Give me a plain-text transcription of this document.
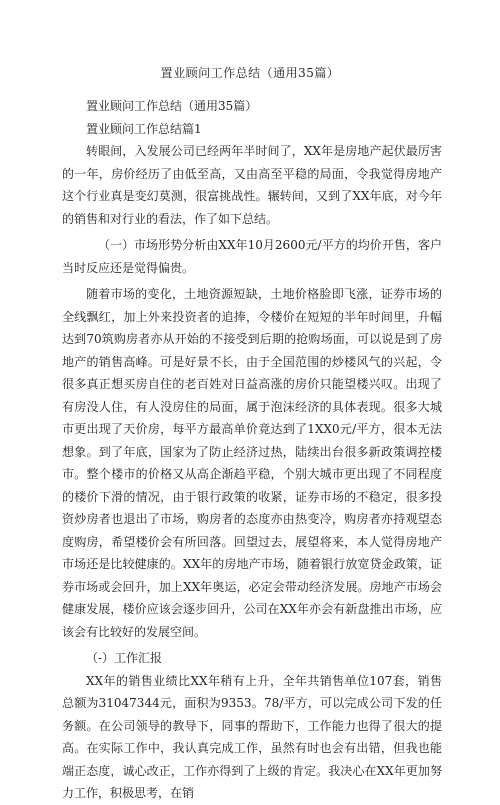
置业顾问工作总结（通用35篇）

置业顾问工作总结（通用35篇）

置业顾问工作总结篇1

转眼间，入发展公司已经两年半时间了，XX年是房地产起伏最厉害的一年，房价经历了由低至高，又由高至平稳的局面，令我觉得房地产这个行业真是变幻莫测，很富挑战性。辗转间，又到了XX年底，对今年的销售和对行业的看法，作了如下总结。

（一）市场形势分析由XX年10月2600元/平方的均价开售，客户当时反应还是觉得偏贵。

随着市场的变化，土地资源短缺，土地价格脸即飞涨，证券市场的全线飘红，加上外来投资者的追捧，令楼价在短短的半年时间里，升幅达到70筑购房者亦从开始的不接受到后期的抢购场面，可以说是到了房地产的销售高峰。可是好景不长，由于全国范围的炒楼风气的兴起，令很多真正想买房自住的老百姓对日益高涨的房价只能望楼兴叹。出现了有房没人住，有人没房住的局面，属于泡沫经济的具体表现。很多大城市更出现了天价房，每平方最高单价竟达到了1XX0元/平方，很本无法想象。到了年底，国家为了防止经济过热，陆续出台很多新政策调控楼市。整个楼市的价格又从高企渐趋平稳，个别大城市更出现了不同程度的楼价下滑的情况，由于银行政策的收紧，证券市场的不稳定，很多投资炒房者也退出了市场，购房者的态度亦由热变冷，购房者亦持观望态度购房，希望楼价会有所回落。回望过去，展望将来，本人觉得房地产市场还是比较健康的。XX年的房地产市场，随着银行放宽贷金政策，证券市场或会回升，加上XX年奥运，必定会带动经济发展。房地产市场会健康发展，楼价应该会逐步回升，公司在XX年亦会有新盘推出市场，应该会有比较好的发展空间。

（-）工作汇报

XX年的销售业绩比XX年稍有上升，全年共销售单位107套，销售总额为31047344元，面积为9353。78/平方，可以完成公司下发的任务额。在公司领导的教导下，同事的帮助下，工作能力也得了很大的提高。在实际工作中，我认真完成工作，虽然有时也会有出错，但我也能端正态度，诚心改正，工作亦得到了上级的肯定。我决心在XX年更加努力工作，积极思考，在销
